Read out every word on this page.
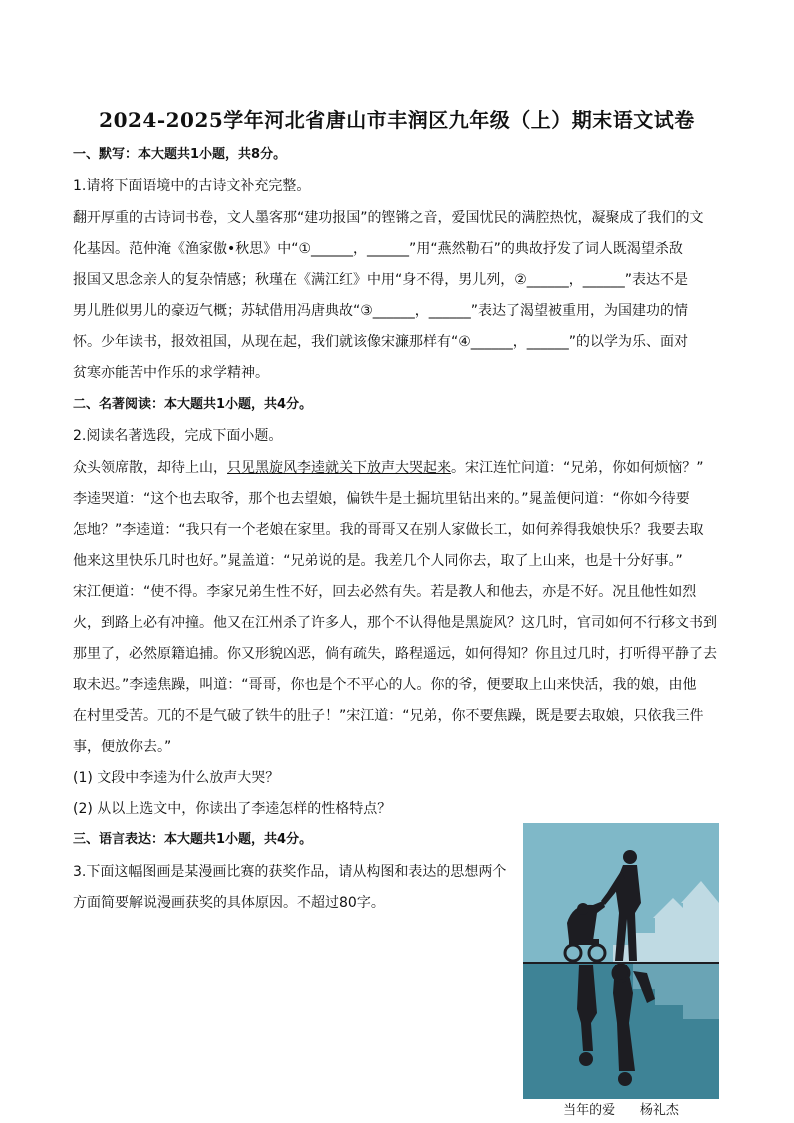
2024-2025学年河北省唐山市丰润区九年级（上）期末语文试卷
一、默写：本大题共1小题，共8分。
1.请将下面语境中的古诗文补充完整。
翻开厚重的古诗词书卷，文人墨客那“建功报国”的铿锵之音，爱国忧民的满腔热忱，凝聚成了我们的文
化基因。范仲淹《渔家傲•秋思》中“①______，______”用“燕然勒石”的典故抒发了词人既渴望杀敌
报国又思念亲人的复杂情感；秋瑾在《满江红》中用“身不得，男儿列，②______，______”表达不是
男儿胜似男儿的豪迈气概；苏轼借用冯唐典故“③______，______”表达了渴望被重用，为国建功的情
怀。少年读书，报效祖国，从现在起，我们就该像宋濂那样有“④______，______”的以学为乐、面对
贫寒亦能苦中作乐的求学精神。
二、名著阅读：本大题共1小题，共4分。
2.阅读名著选段，完成下面小题。
众头领席散，却待上山，只见黑旋风李逵就关下放声大哭起来。宋江连忙问道：“兄弟，你如何烦恼？”
李逵哭道：“这个也去取爷，那个也去望娘，偏铁牛是土掘坑里钻出来的。”晁盖便问道：“你如今待要
怎地？”李逵道：“我只有一个老娘在家里。我的哥哥又在别人家做长工，如何养得我娘快乐？我要去取
他来这里快乐几时也好。”晁盖道：“兄弟说的是。我差几个人同你去，取了上山来，也是十分好事。”
宋江便道：“使不得。李家兄弟生性不好，回去必然有失。若是教人和他去，亦是不好。况且他性如烈
火，到路上必有冲撞。他又在江州杀了许多人，那个不认得他是黑旋风？这几时，官司如何不行移文书到
那里了，必然原籍追捕。你又形貌凶恶，倘有疏失，路程遥远，如何得知？你且过几时，打听得平静了去
取未迟。”李逵焦躁，叫道：“哥哥，你也是个不平心的人。你的爷，便要取上山来快活，我的娘，由他
在村里受苦。兀的不是气破了铁牛的肚子！”宋江道：“兄弟，你不要焦躁，既是要去取娘，只依我三件
事，便放你去。”
(1) 文段中李逵为什么放声大哭？
(2) 从以上选文中，你读出了李逵怎样的性格特点？
三、语言表达：本大题共1小题，共4分。
3.下面这幅图画是某漫画比赛的获奖作品，请从构图和表达的思想两个
方面简要解说漫画获奖的具体原因。不超过80字。
当年的爱      杨礼杰
